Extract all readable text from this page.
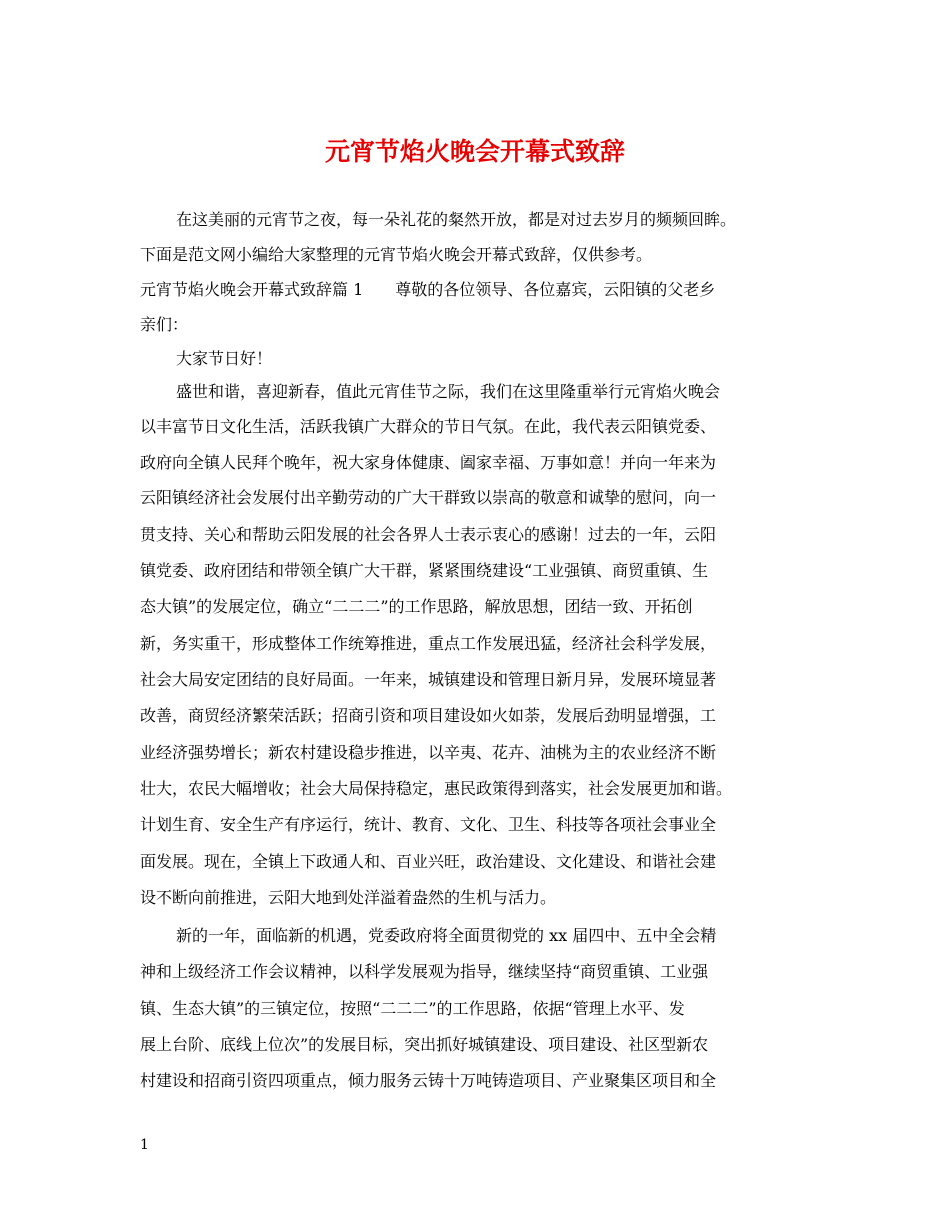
元宵节焰火晚会开幕式致辞
在这美丽的元宵节之夜，每一朵礼花的粲然开放，都是对过去岁月的频频回眸。
下面是范文网小编给大家整理的元宵节焰火晚会开幕式致辞，仅供参考。
元宵节焰火晚会开幕式致辞篇 1　　尊敬的各位领导、各位嘉宾，云阳镇的父老乡
亲们：
大家节日好！
盛世和谐，喜迎新春，值此元宵佳节之际，我们在这里隆重举行元宵焰火晚会
以丰富节日文化生活，活跃我镇广大群众的节日气氛。在此，我代表云阳镇党委、
政府向全镇人民拜个晚年，祝大家身体健康、阖家幸福、万事如意！并向一年来为
云阳镇经济社会发展付出辛勤劳动的广大干群致以崇高的敬意和诚挚的慰问，向一
贯支持、关心和帮助云阳发展的社会各界人士表示衷心的感谢！过去的一年，云阳
镇党委、政府团结和带领全镇广大干群，紧紧围绕建设“工业强镇、商贸重镇、生
态大镇”的发展定位，确立“二二二”的工作思路，解放思想，团结一致、开拓创
新，务实重干，形成整体工作统筹推进，重点工作发展迅猛，经济社会科学发展，
社会大局安定团结的良好局面。一年来，城镇建设和管理日新月异，发展环境显著
改善，商贸经济繁荣活跃；招商引资和项目建设如火如荼，发展后劲明显增强，工
业经济强势增长；新农村建设稳步推进，以辛夷、花卉、油桃为主的农业经济不断
壮大，农民大幅增收；社会大局保持稳定，惠民政策得到落实，社会发展更加和谐。
计划生育、安全生产有序运行，统计、教育、文化、卫生、科技等各项社会事业全
面发展。现在，全镇上下政通人和、百业兴旺，政治建设、文化建设、和谐社会建
设不断向前推进，云阳大地到处洋溢着盎然的生机与活力。
新的一年，面临新的机遇，党委政府将全面贯彻党的 xx 届四中、五中全会精
神和上级经济工作会议精神，以科学发展观为指导，继续坚持“商贸重镇、工业强
镇、生态大镇”的三镇定位，按照“二二二”的工作思路，依据“管理上水平、发
展上台阶、底线上位次”的发展目标，突出抓好城镇建设、项目建设、社区型新农
村建设和招商引资四项重点，倾力服务云铸十万吨铸造项目、产业聚集区项目和全
1
